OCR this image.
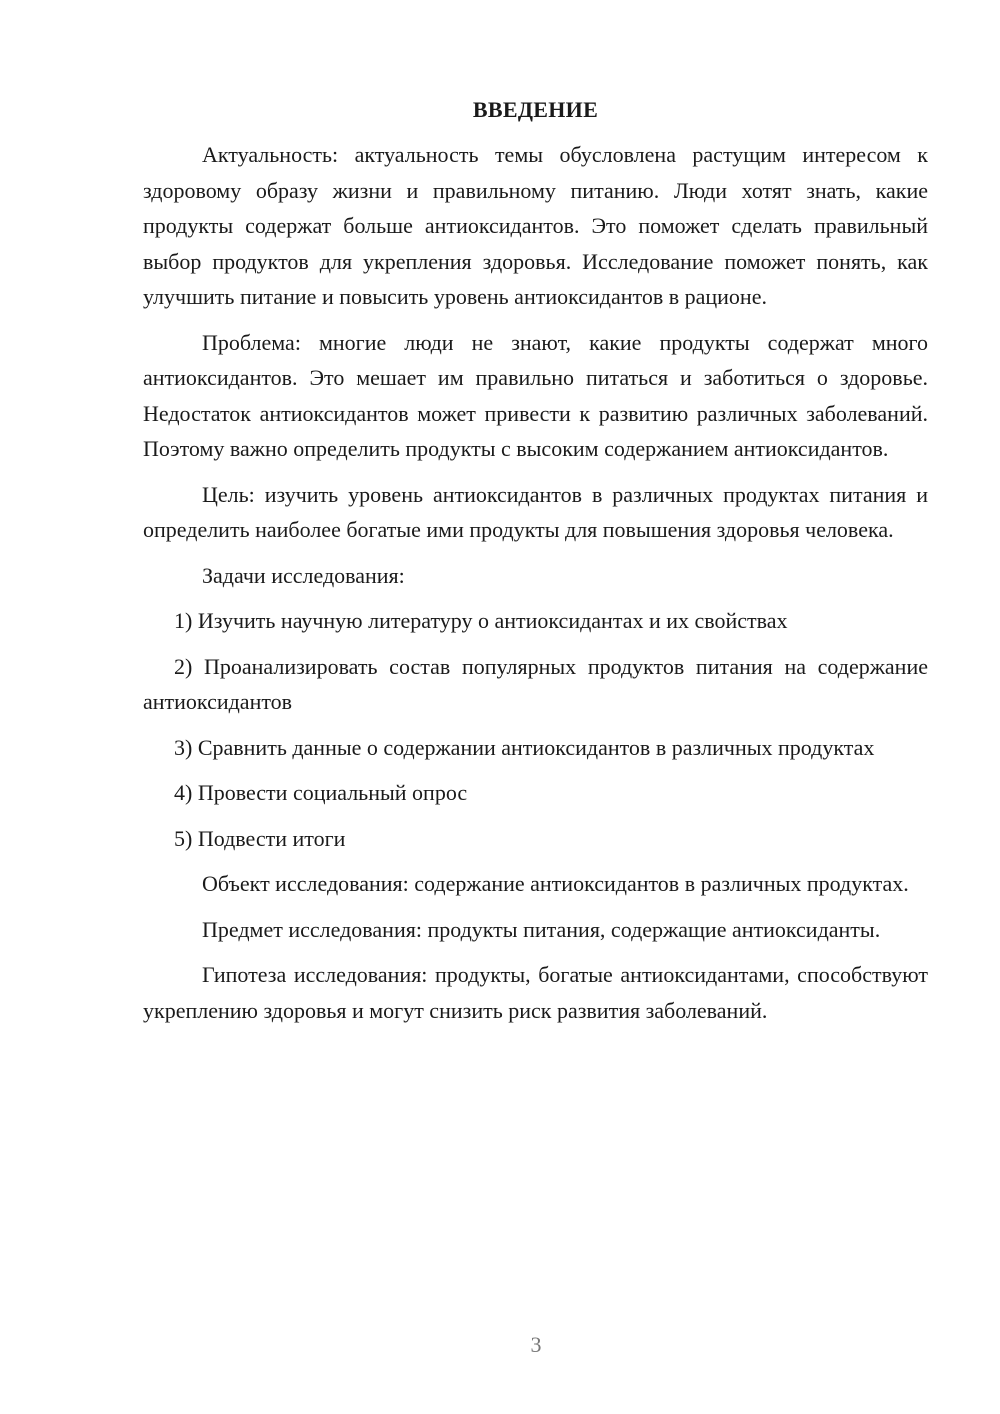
ВВЕДЕНИЕ

Актуальность: актуальность темы обусловлена растущим интересом к здоровому образу жизни и правильному питанию. Люди хотят знать, какие продукты содержат больше антиоксидантов. Это поможет сделать правильный выбор продуктов для укрепления здоровья. Исследование поможет понять, как улучшить питание и повысить уровень антиоксидантов в рационе.

Проблема: многие люди не знают, какие продукты содержат много антиоксидантов. Это мешает им правильно питаться и заботиться о здоровье. Недостаток антиоксидантов может привести к развитию различных заболеваний. Поэтому важно определить продукты с высоким содержанием антиоксидантов.

Цель: изучить уровень антиоксидантов в различных продуктах питания и определить наиболее богатые ими продукты для повышения здоровья человека.

Задачи исследования:

1) Изучить научную литературу о антиоксидантах и их свойствах

2) Проанализировать состав популярных продуктов питания на содержание антиоксидантов

3) Сравнить данные о содержании антиоксидантов в различных продуктах

4) Провести социальный опрос

5) Подвести итоги

Объект исследования: содержание антиоксидантов в различных продуктах.

Предмет исследования: продукты питания, содержащие антиоксиданты.

Гипотеза исследования: продукты, богатые антиоксидантами, способствуют укреплению здоровья и могут снизить риск развития заболеваний.

3
